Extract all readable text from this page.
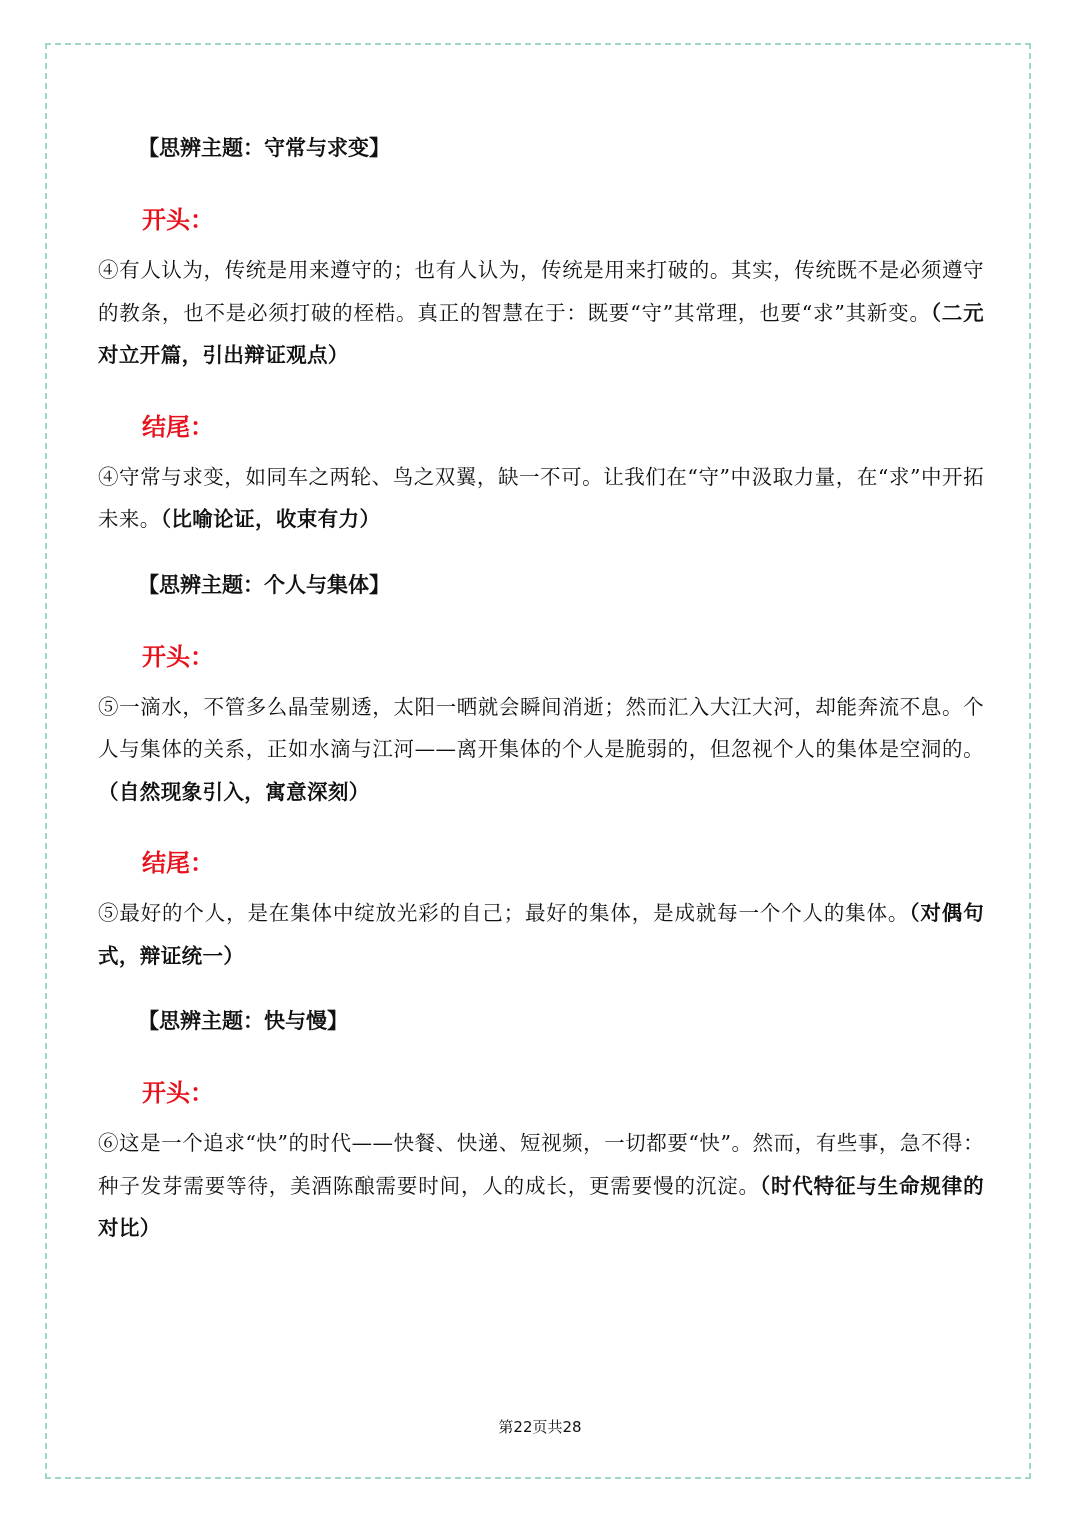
【思辨主题：守常与求变】

开头：

④有人认为，传统是用来遵守的；也有人认为，传统是用来打破的。其实，传统既不是必须遵守的教条，也不是必须打破的桎梏。真正的智慧在于：既要“守”其常理，也要“求”其新变。（二元对立开篇，引出辩证观点）

结尾：

④守常与求变，如同车之两轮、鸟之双翼，缺一不可。让我们在“守”中汲取力量，在“求”中开拓未来。（比喻论证，收束有力）

【思辨主题：个人与集体】

开头：

⑤一滴水，不管多么晶莹剔透，太阳一晒就会瞬间消逝；然而汇入大江大河，却能奔流不息。个人与集体的关系，正如水滴与江河——离开集体的个人是脆弱的，但忽视个人的集体是空洞的。（自然现象引入，寓意深刻）

结尾：

⑤最好的个人，是在集体中绽放光彩的自己；最好的集体，是成就每一个个人的集体。（对偶句式，辩证统一）

【思辨主题：快与慢】

开头：

⑥这是一个追求“快”的时代——快餐、快递、短视频，一切都要“快”。然而，有些事，急不得：种子发芽需要等待，美酒陈酿需要时间，人的成长，更需要慢的沉淀。（时代特征与生命规律的对比）

第22页共28
